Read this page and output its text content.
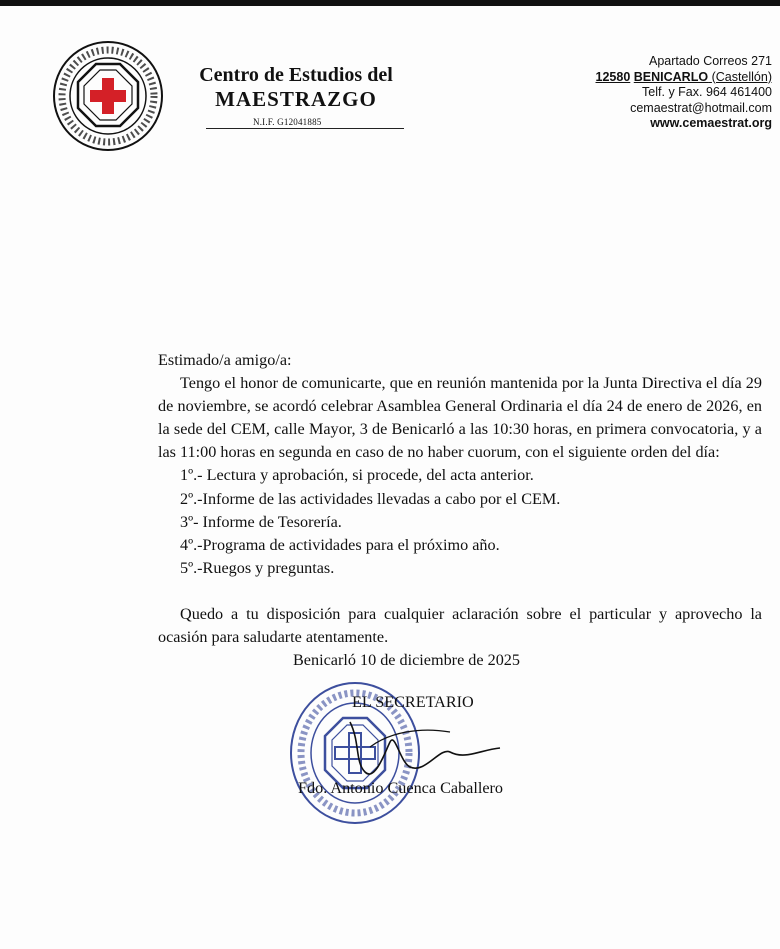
Centro de Estudios del
MAESTRAZGO
N.I.F. G12041885
Apartado Correos 271
12580 BENICARLO (Castellón)
Telf. y Fax. 964 461400
cemaestrat@hotmail.com
www.cemaestrat.org

Estimado/a amigo/a:

Tengo el honor de comunicarte, que en reunión mantenida por la Junta Directiva el día 29 de noviembre, se acordó celebrar Asamblea General Ordinaria el día 24 de enero de 2026, en la sede del CEM, calle Mayor, 3 de Benicarló a las 10:30 horas, en primera convocatoria, y a las 11:00 horas en segunda en caso de no haber cuorum, con el siguiente orden del día:

1º.- Lectura y aprobación, si procede, del acta anterior.

2º.-Informe de las actividades llevadas a cabo por el CEM.

3º- Informe de Tesorería.

4º.-Programa de actividades para el próximo año.

5º.-Ruegos y preguntas.

Quedo a tu disposición para cualquier aclaración sobre el particular y aprovecho la ocasión para saludarte atentamente.

Benicarló 10 de diciembre de 2025

EL SECRETARIO
Fdo. Antonio Cuenca Caballero
